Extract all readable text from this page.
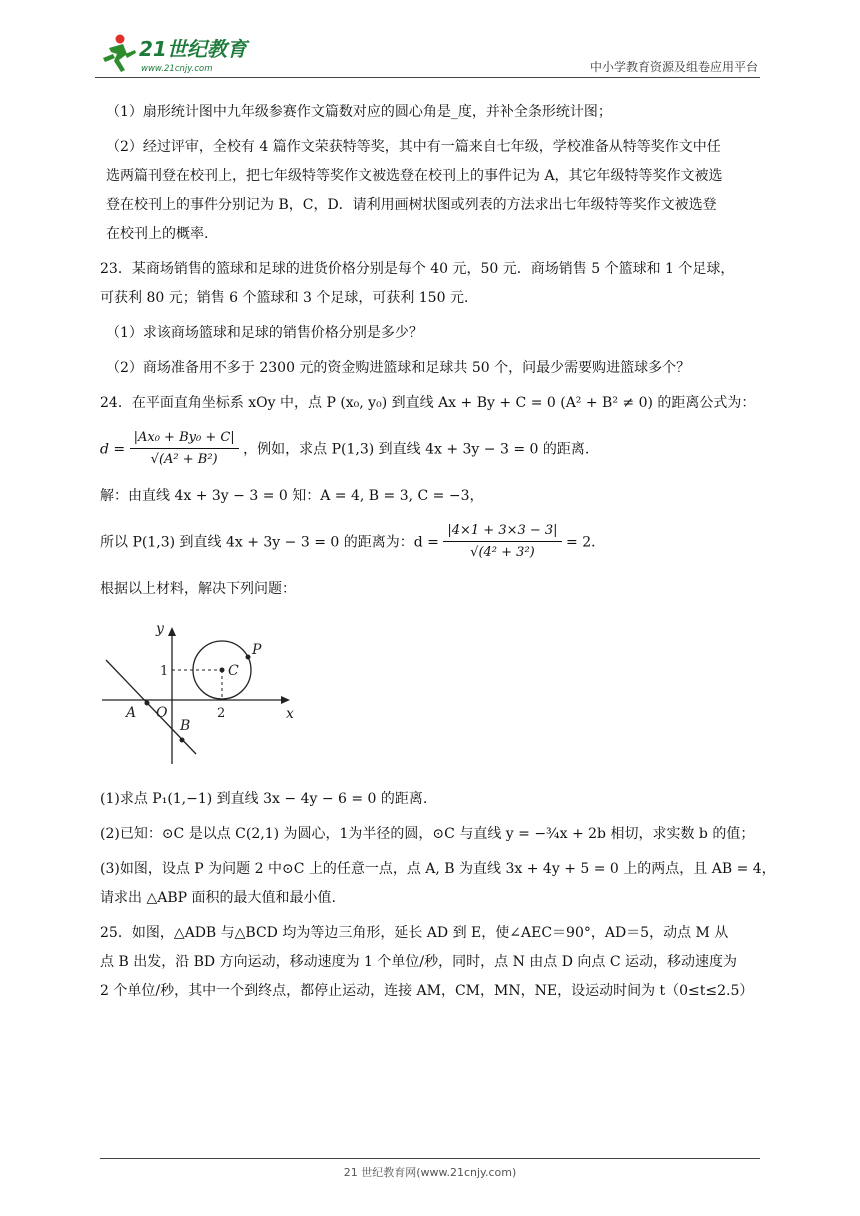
21世纪教育
www.21cnjy.com	中小学教育资源及组卷应用平台

（1）扇形统计图中九年级参赛作文篇数对应的圆心角是_度，并补全条形统计图；

（2）经过评审，全校有 4 篇作文荣获特等奖，其中有一篇来自七年级，学校准备从特等奖作文中任
选两篇刊登在校刊上，把七年级特等奖作文被选登在校刊上的事件记为 A，其它年级特等奖作文被选
登在校刊上的事件分别记为 B，C，D．请利用画树状图或列表的方法求出七年级特等奖作文被选登
在校刊上的概率.
23．某商场销售的篮球和足球的进货价格分别是每个 40 元，50 元．商场销售 5 个篮球和 1 个足球，
可获利 80 元；销售 6 个篮球和 3 个足球，可获利 150 元．

（1）求该商场篮球和足球的销售价格分别是多少？

（2）商场准备用不多于 2300 元的资金购进篮球和足球共 50 个，问最少需要购进篮球多个？

24．在平面直角坐标系 xOy 中，点 P (x₀, y₀) 到直线 Ax + By + C = 0 (A² + B² ≠ 0) 的距离公式为：

$d = \frac{\text{|Ax₀ + By₀ + C|}}{\text{√(A² + B²)}}$ ，例如，求点 P(1,3) 到直线 4x + 3y − 3 = 0 的距离.

解：由直线 4x + 3y − 3 = 0 知：A = 4, B = 3, C = −3，

所以 P(1,3) 到直线 4x + 3y − 3 = 0 的距离为：$d = \frac{|4\times 1 + 3\times 3 - 3|}{\text{√(4² + 3²)}} = 2$．

根据以上材料，解决下列问题：

y
x
O
C
P
A
B
1
2

(1)求点 P₁(1,−1) 到直线 3x − 4y − 6 = 0 的距离.

(2)已知：⊙C 是以点 C(2,1) 为圆心，1为半径的圆，⊙C 与直线 y = −¾x + 2b 相切，求实数 b 的值；

(3)如图，设点 P 为问题 2 中⊙C 上的任意一点，点 A, B 为直线 3x + 4y + 5 = 0 上的两点，且 AB = 4，
请求出 △ABP 面积的最大值和最小值.
25．如图，△ADB 与△BCD 均为等边三角形，延长 AD 到 E，使∠AEC＝90°，AD＝5，动点 M 从
点 B 出发，沿 BD 方向运动，移动速度为 1 个单位/秒，同时，点 N 由点 D 向点 C 运动，移动速度为
2 个单位/秒，其中一个到终点，都停止运动，连接 AM，CM，MN，NE，设运动时间为 t（0≤t≤2.5）
21 世纪教育网(www.21cnjy.com)
